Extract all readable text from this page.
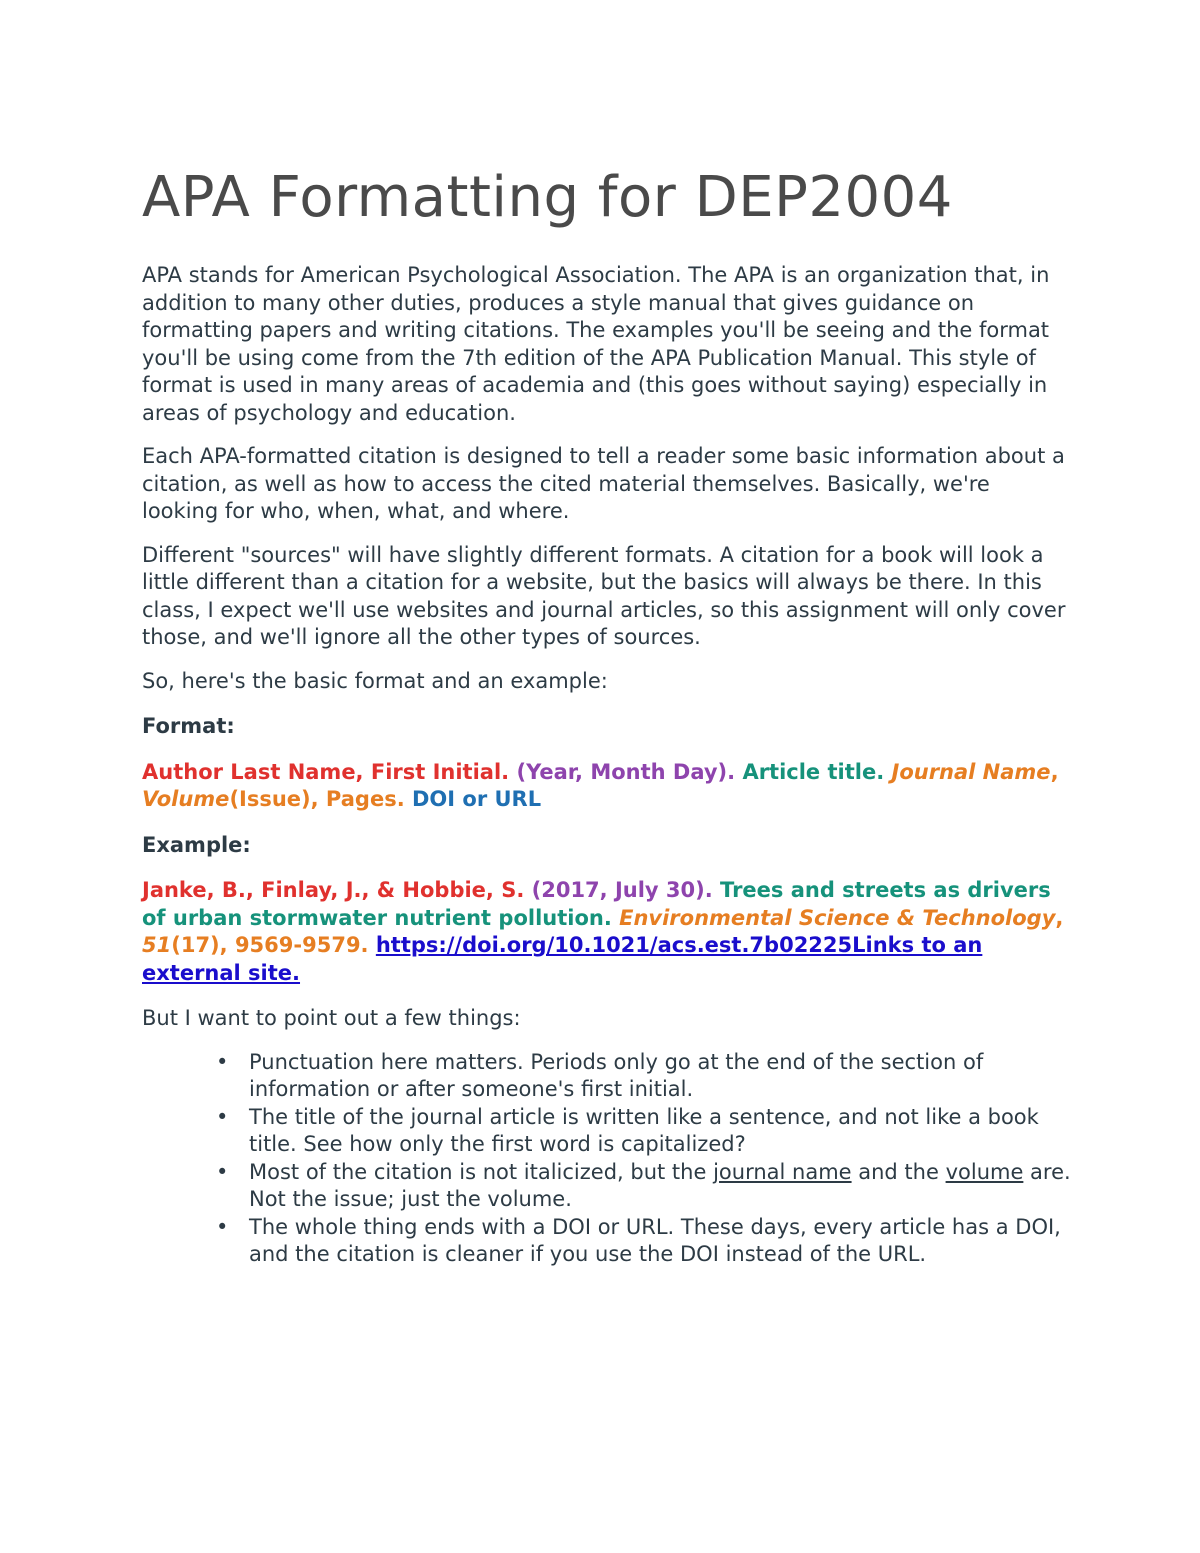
APA Formatting for DEP2004

APA stands for American Psychological Association. The APA is an organization that, in addition to many other duties, produces a style manual that gives guidance on formatting papers and writing citations. The examples you'll be seeing and the format you'll be using come from the 7th edition of the APA Publication Manual. This style of format is used in many areas of academia and (this goes without saying) especially in areas of psychology and education.

Each APA-formatted citation is designed to tell a reader some basic information about a citation, as well as how to access the cited material themselves. Basically, we're looking for who, when, what, and where.

Different "sources" will have slightly different formats. A citation for a book will look a little different than a citation for a website, but the basics will always be there. In this class, I expect we'll use websites and journal articles, so this assignment will only cover those, and we'll ignore all the other types of sources.

So, here's the basic format and an example:

Format:

Author Last Name, First Initial. (Year, Month Day). Article title. Journal Name, Volume(Issue), Pages. DOI or URL

Example:

Janke, B., Finlay, J., & Hobbie, S. (2017, July 30). Trees and streets as drivers of urban stormwater nutrient pollution. Environmental Science & Technology, 51(17), 9569-9579. https://doi.org/10.1021/acs.est.7b02225Links to an external site.

But I want to point out a few things:

• Punctuation here matters. Periods only go at the end of the section of information or after someone's first initial.
• The title of the journal article is written like a sentence, and not like a book title. See how only the first word is capitalized?
• Most of the citation is not italicized, but the journal name and the volume are. Not the issue; just the volume.
• The whole thing ends with a DOI or URL. These days, every article has a DOI, and the citation is cleaner if you use the DOI instead of the URL.
